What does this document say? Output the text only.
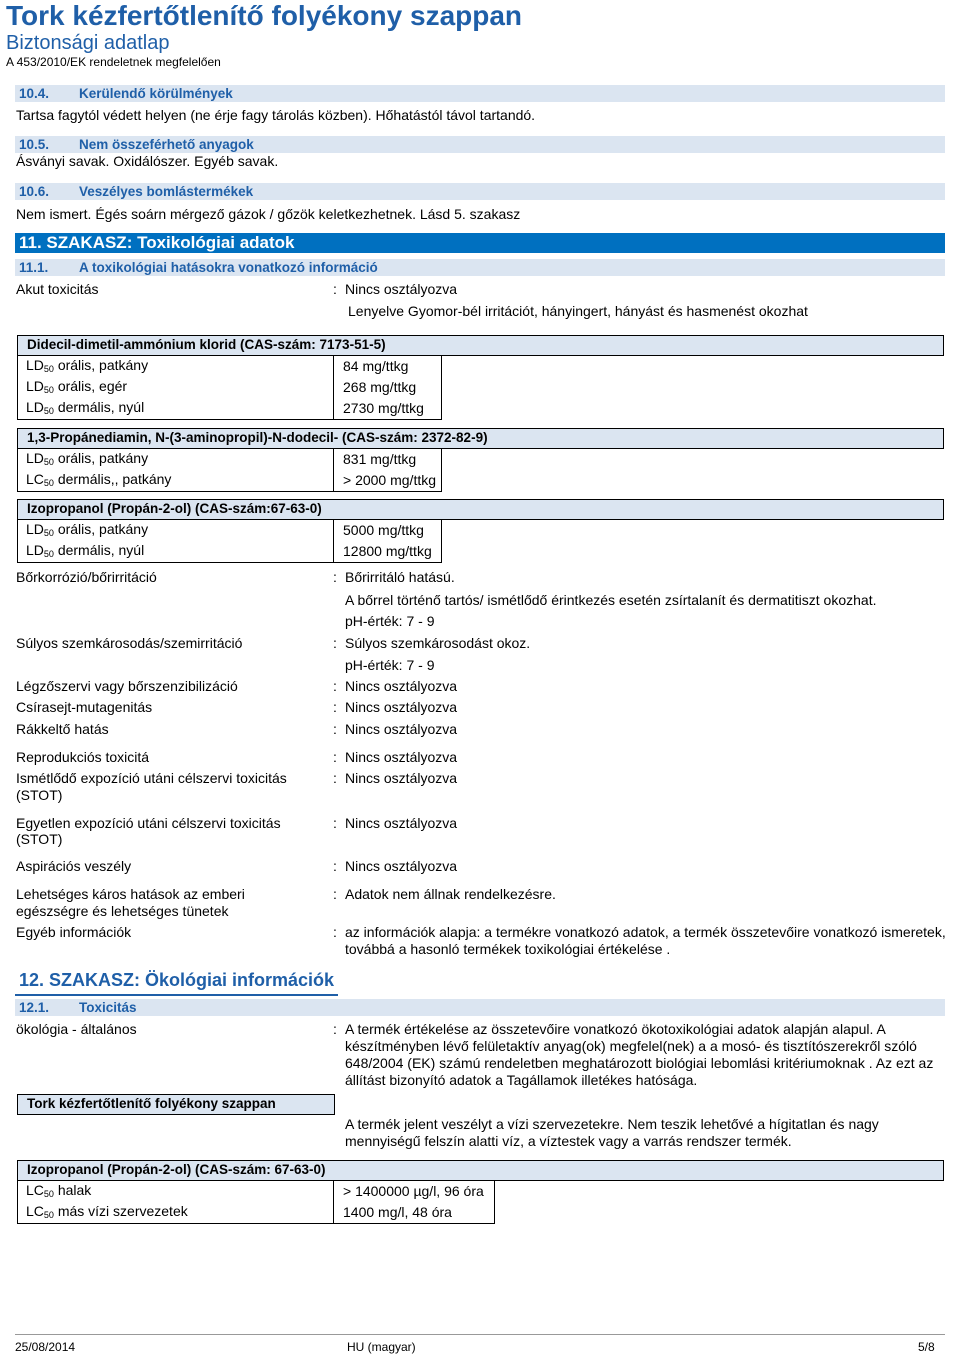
Tork kézfertőtlenítő folyékony szappan
Biztonsági adatlap
A 453/2010/EK rendeletnek megfelelően
10.4. Kerülendő körülmények
Tartsa fagytól védett helyen (ne érje fagy tárolás közben). Hőhatástól távol tartandó.
10.5. Nem összeférhető anyagok
Ásványi savak. Oxidálószer. Egyéb savak.
10.6. Veszélyes bomlástermékek
Nem ismert. Égés soárn mérgező gázok / gőzök keletkezhetnek. Lásd 5. szakasz
11. SZAKASZ: Toxikológiai adatok
11.1. A toxikológiai hatásokra vonatkozó információ
Akut toxicitás	: Nincs osztályozva
Lenyelve Gyomor-bél irritációt, hányingert, hányást és hasmenést okozhat
Didecil-dimetil-ammónium klorid (CAS-szám: 7173-51-5)
$LD_{50}$ orális, patkány	84 mg/ttkg
$LD_{50}$ orális, egér	268 mg/ttkg
$LD_{50}$ dermális, nyúl	2730 mg/ttkg
1,3-Propánediamin, N-(3-aminopropil)-N-dodecil- (CAS-szám: 2372-82-9)
$LD_{50}$ orális, patkány	831 mg/ttkg
$LC_{50}$ dermális,, patkány	> 2000 mg/ttkg
Izopropanol (Propán-2-ol) (CAS-szám:67-63-0)
$LD_{50}$ orális, patkány	5000 mg/ttkg
$LD_{50}$ dermális, nyúl	12800 mg/ttkg
Bőrkorrózió/bőrirritáció	: Bőrirritáló hatású.
A bőrrel történő tartós/ ismétlődő érintkezés esetén zsírtalanít és dermatitiszt okozhat.
pH-érték: 7 - 9
Súlyos szemkárosodás/szemirritáció	: Súlyos szemkárosodást okoz.
pH-érték: 7 - 9
Légzőszervi vagy bőrszenzibilizáció	: Nincs osztályozva
Csírasejt-mutagenitás	: Nincs osztályozva
Rákkeltő hatás	: Nincs osztályozva
Reprodukciós toxicitá	: Nincs osztályozva
Ismétlődő expozíció utáni célszervi toxicitás
(STOT)
: Nincs osztályozva
Egyetlen expozíció utáni célszervi toxicitás
(STOT)
: Nincs osztályozva
Aspirációs veszély	: Nincs osztályozva
Lehetséges káros hatások az emberi
egészségre és lehetséges tünetek
: Adatok nem állnak rendelkezésre.
Egyéb információk	: az információk alapja: a termékre vonatkozó adatok, a termék összetevőire vonatkozó ismeretek, továbbá a hasonló termékek toxikológiai értékelése .
12. SZAKASZ: Ökológiai információk
12.1. Toxicitás
ökológia - általános	: A termék értékelése az összetevőire vonatkozó ökotoxikológiai adatok alapján alapul. A készítményben lévő felületaktív anyag(ok) megfelel(nek) a a mosó- és tisztítószerekről szóló 648/2004 (EK) számú rendeletben meghatározott biológiai lebomlási kritériumoknak . Az ezt az állítást bizonyító adatok a Tagállamok illetékes hatósága.
Tork kézfertőtlenítő folyékony szappan
A termék jelent veszélyt a vízi szervezetekre. Nem teszik lehetővé a hígitatlan és nagy mennyiségű felszín alatti víz, a víztestek vagy a varrás rendszer termék.
Izopropanol (Propán-2-ol) (CAS-szám: 67-63-0)
$LC_{50}$ halak	> 1400000 µg/l, 96 óra
$LC_{50}$ más vízi szervezetek	1400 mg/l, 48 óra
25/08/2014	HU (magyar)	5/8
